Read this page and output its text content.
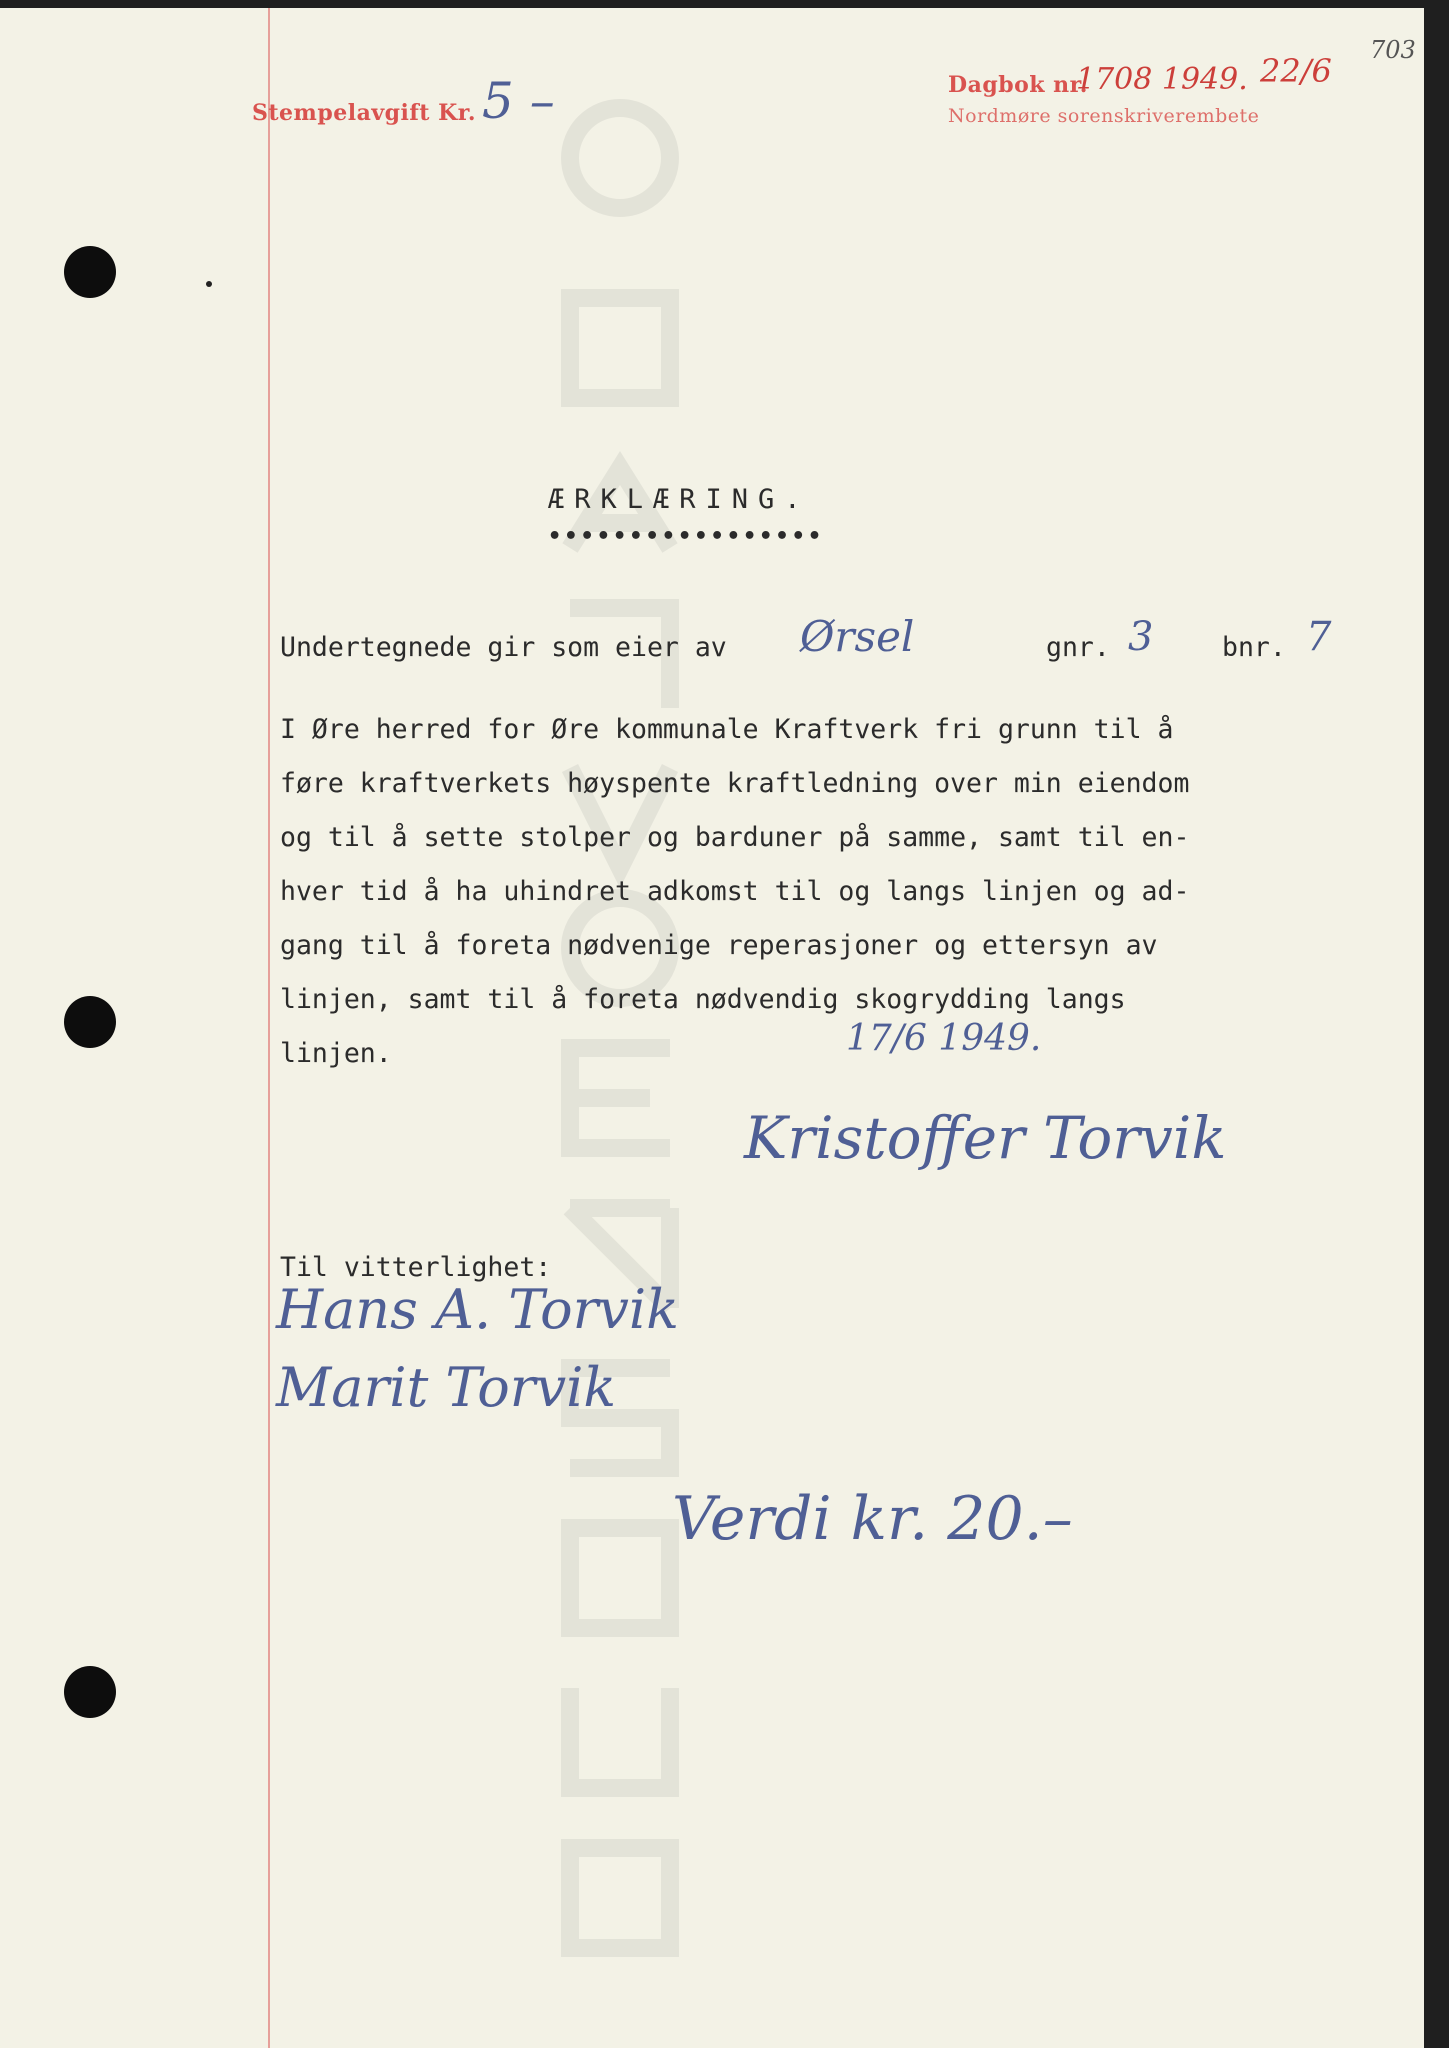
Stempelavgift Kr. 5 –	Dagbok nr.
1708 1949. 22/6
Nordmøre sorenskriverembete
703
ÆRKLÆRING.
•••••••••••••••••
Undertegnede gir som eier av Ørsel	gnr. 3	bnr. 7
I Øre herred for Øre kommunale Kraftverk fri grunn til å
føre kraftverkets høyspente kraftledning over min eiendom
og til å sette stolper og barduner på samme, samt til en-
hver tid å ha uhindret adkomst til og langs linjen og ad-
gang til å foreta nødvenige reperasjoner og ettersyn av
linjen, samt til å foreta nødvendig skogrydding langs
linjen.	17/6 1949.
Kristoffer Torvik
Til vitterlighet:
Hans A. Torvik
Marit Torvik
Verdi kr. 20.–
